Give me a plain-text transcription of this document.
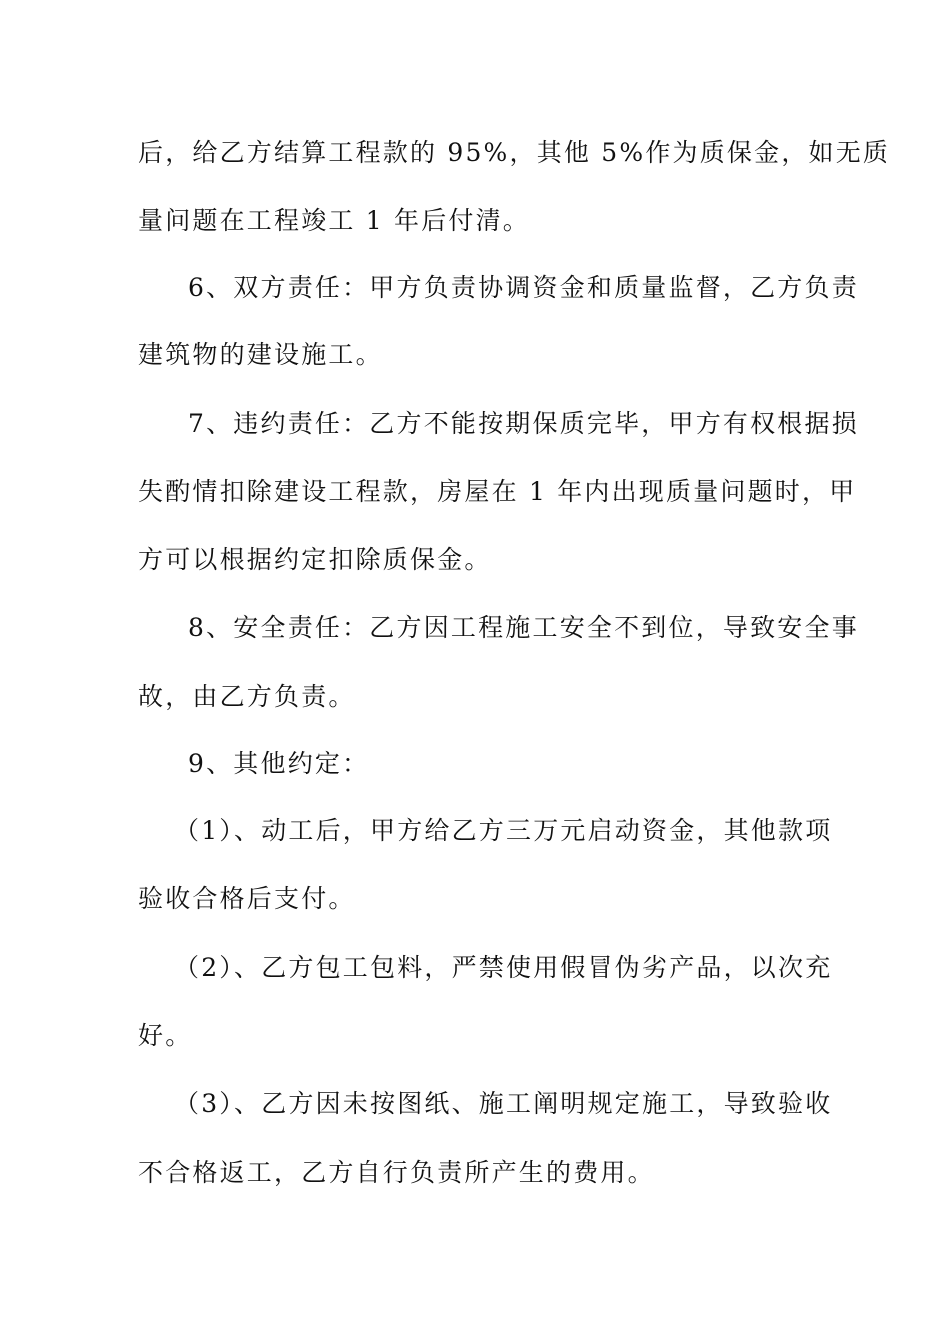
后，给乙方结算工程款的 95%，其他 5%作为质保金，如无质
量问题在工程竣工 1 年后付清。
6、双方责任：甲方负责协调资金和质量监督，乙方负责
建筑物的建设施工。
7、违约责任：乙方不能按期保质完毕，甲方有权根据损
失酌情扣除建设工程款，房屋在 1 年内出现质量问题时，甲
方可以根据约定扣除质保金。
8、安全责任：乙方因工程施工安全不到位，导致安全事
故，由乙方负责。
9、其他约定：
（1）、动工后，甲方给乙方三万元启动资金，其他款项
验收合格后支付。
（2）、乙方包工包料，严禁使用假冒伪劣产品，以次充
好。
（3）、乙方因未按图纸、施工阐明规定施工，导致验收
不合格返工，乙方自行负责所产生的费用。
